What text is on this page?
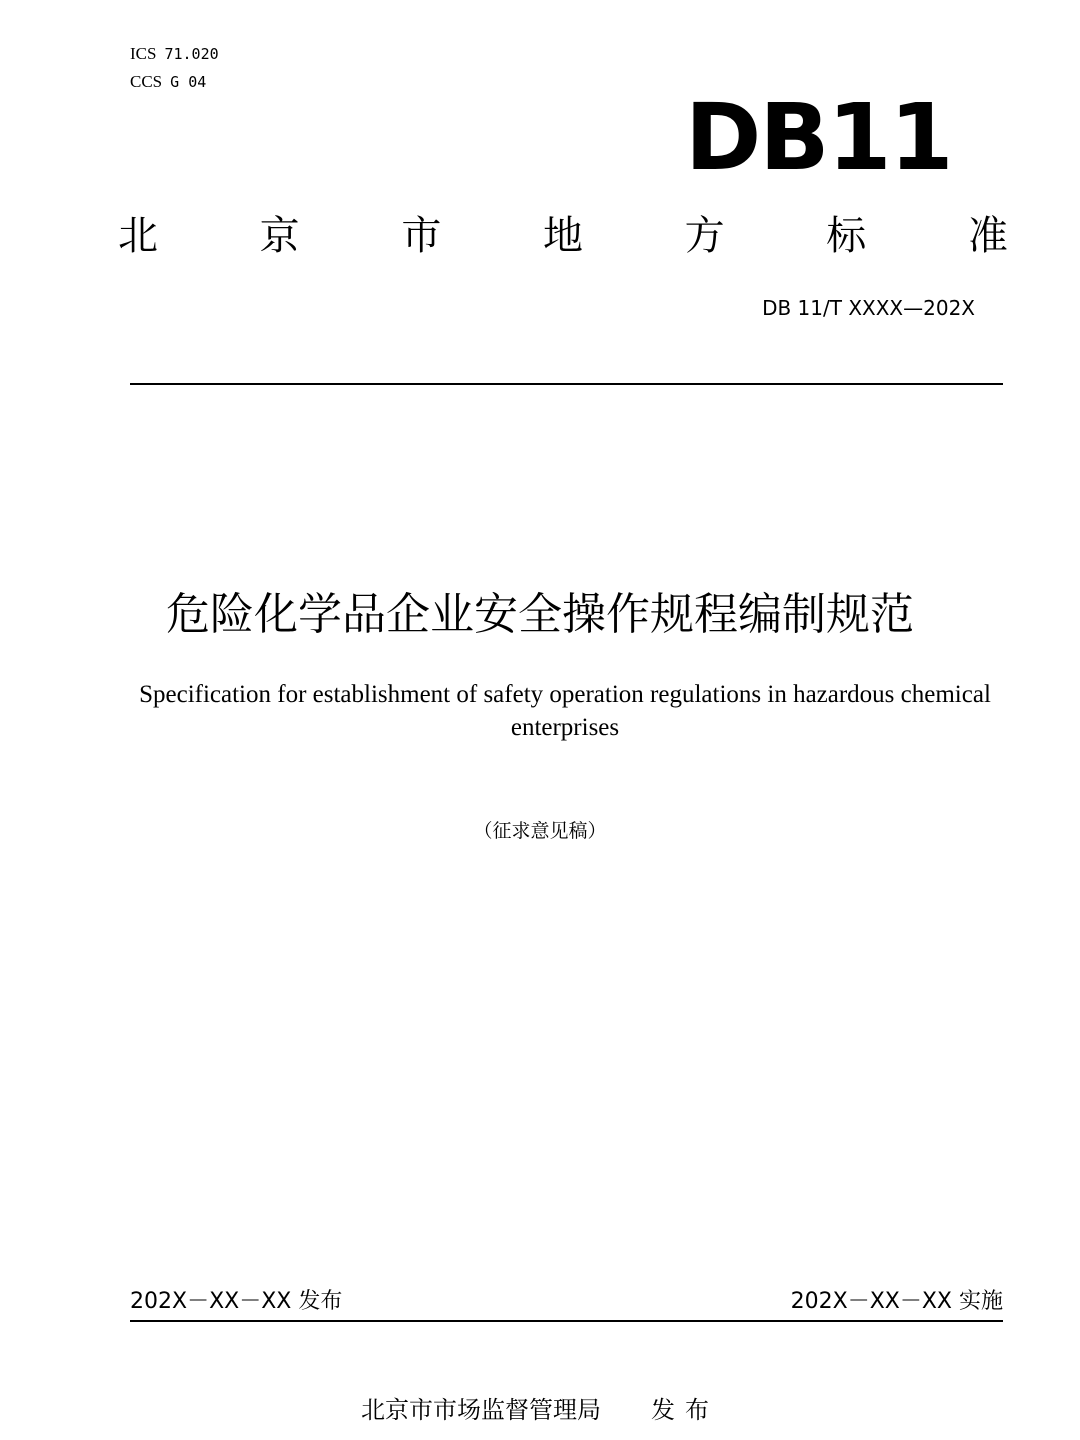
ICS 71.020
CCS G 04
DB11
北	京	市	地	方	标	准
DB 11/T XXXX—202X
危险化学品企业安全操作规程编制规范
Specification for establishment of safety operation regulations in hazardous chemical enterprises
（征求意见稿）
202X－XX－XX 发布	202X－XX－XX 实施
北京市市场监督管理局 发布
